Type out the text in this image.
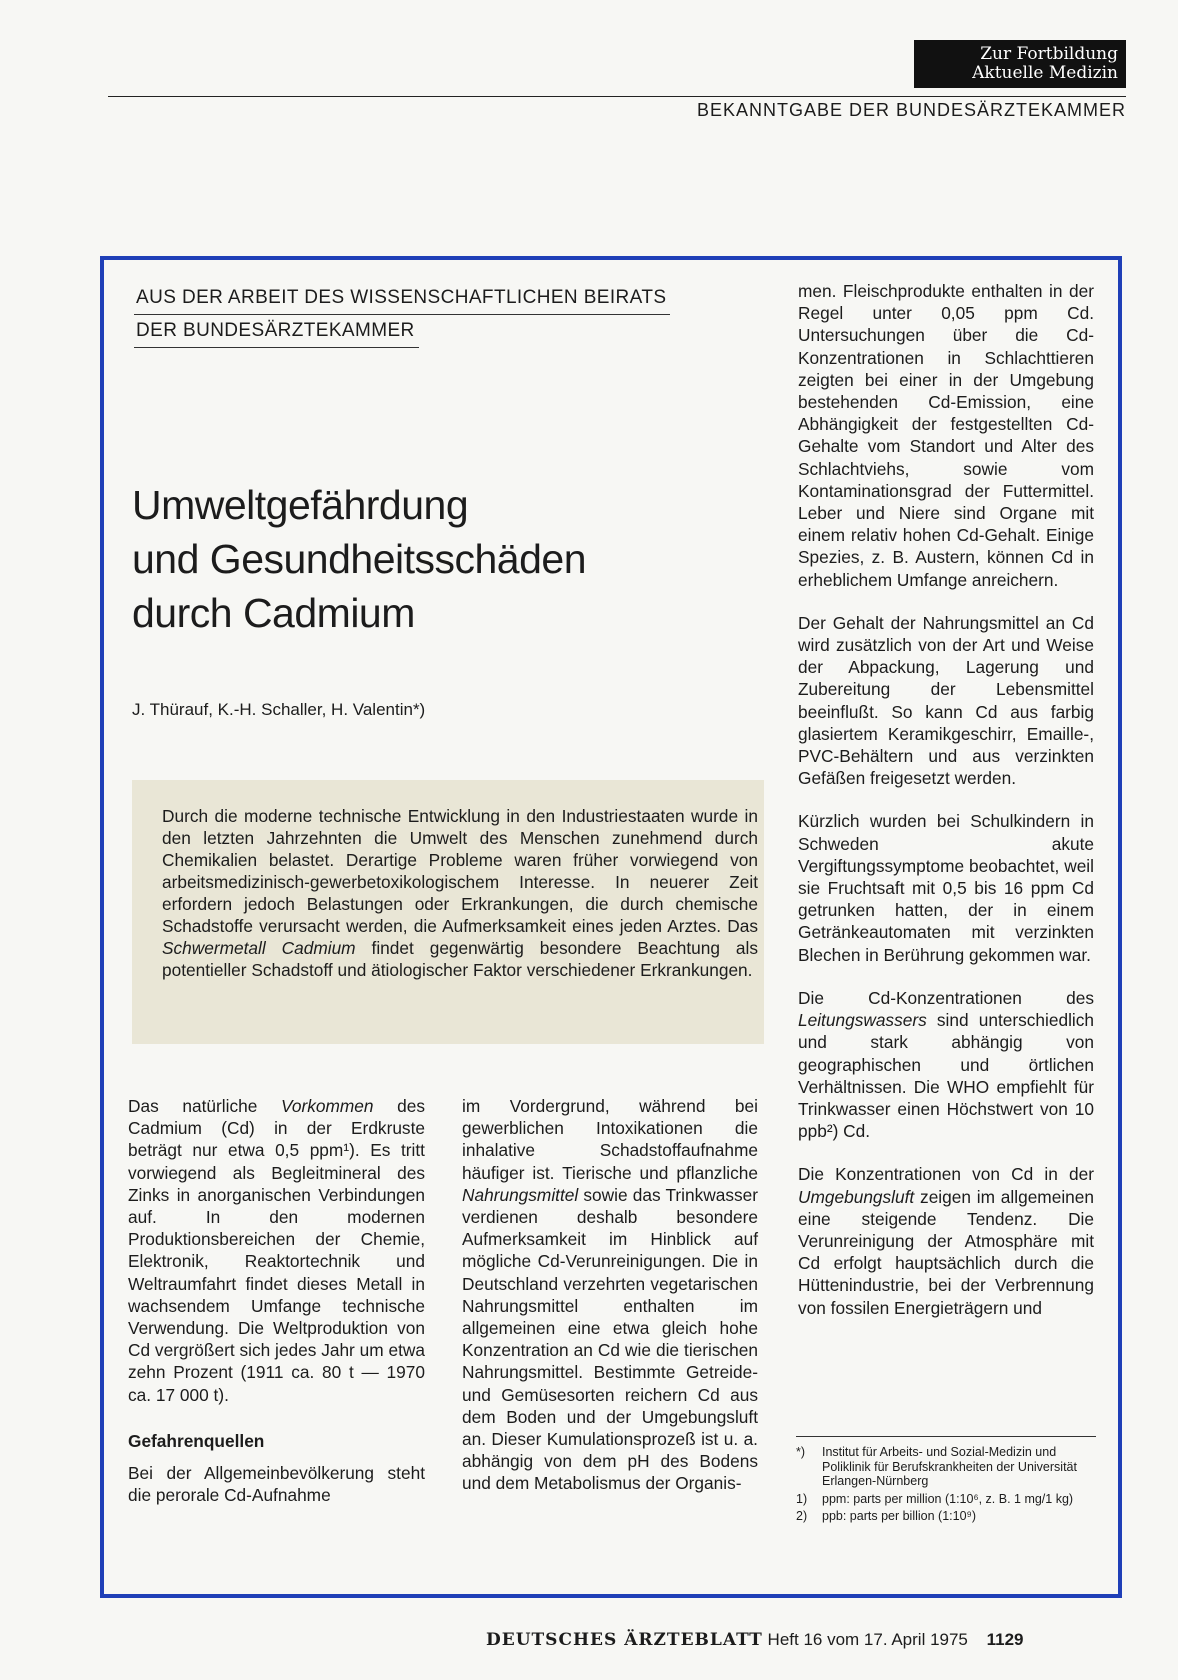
Zur Fortbildung
Aktuelle Medizin
BEKANNTGABE DER BUNDESÄRZTEKAMMER
AUS DER ARBEIT DES WISSENSCHAFTLICHEN BEIRATS
DER BUNDESÄRZTEKAMMER
Umweltgefährdung
und Gesundheitsschäden
durch Cadmium
J. Thürauf, K.-H. Schaller, H. Valentin*)
Durch die moderne technische Entwicklung in den Industriestaaten wurde in den letzten Jahrzehnten die Umwelt des Menschen zunehmend durch Chemikalien belastet. Derartige Probleme waren früher vorwiegend von arbeitsmedizinisch-gewerbetoxikologischem Interesse. In neuerer Zeit erfordern jedoch Belastungen oder Erkrankungen, die durch chemische Schadstoffe verursacht werden, die Aufmerksamkeit eines jeden Arztes. Das Schwermetall Cadmium findet gegenwärtig besondere Beachtung als potentieller Schadstoff und ätiologischer Faktor verschiedener Erkrankungen.

Das natürliche Vorkommen des Cadmium (Cd) in der Erdkruste beträgt nur etwa 0,5 ppm¹). Es tritt vorwiegend als Begleitmineral des Zinks in anorganischen Verbindungen auf. In den modernen Produktionsbereichen der Chemie, Elektronik, Reaktortechnik und Weltraumfahrt findet dieses Metall in wachsendem Umfange technische Verwendung. Die Weltproduktion von Cd vergrößert sich jedes Jahr um etwa zehn Prozent (1911 ca. 80 t — 1970 ca. 17 000 t).

Gefahrenquellen

Bei der Allgemeinbevölkerung steht die perorale Cd-Aufnahme

im Vordergrund, während bei gewerblichen Intoxikationen die inhalative Schadstoffaufnahme häufiger ist. Tierische und pflanzliche Nahrungsmittel sowie das Trinkwasser verdienen deshalb besondere Aufmerksamkeit im Hinblick auf mögliche Cd-Verunreinigungen. Die in Deutschland verzehrten vegetarischen Nahrungsmittel enthalten im allgemeinen eine etwa gleich hohe Konzentration an Cd wie die tierischen Nahrungsmittel. Bestimmte Getreide- und Gemüsesorten reichern Cd aus dem Boden und der Umgebungsluft an. Dieser Kumulationsprozeß ist u. a. abhängig von dem pH des Bodens und dem Metabolismus der Organis-

men. Fleischprodukte enthalten in der Regel unter 0,05 ppm Cd. Untersuchungen über die Cd-Konzentrationen in Schlachttieren zeigten bei einer in der Umgebung bestehenden Cd-Emission, eine Abhängigkeit der festgestellten Cd-Gehalte vom Standort und Alter des Schlachtviehs, sowie vom Kontaminationsgrad der Futtermittel. Leber und Niere sind Organe mit einem relativ hohen Cd-Gehalt. Einige Spezies, z. B. Austern, können Cd in erheblichem Umfange anreichern.

Der Gehalt der Nahrungsmittel an Cd wird zusätzlich von der Art und Weise der Abpackung, Lagerung und Zubereitung der Lebensmittel beeinflußt. So kann Cd aus farbig glasiertem Keramikgeschirr, Emaille-, PVC-Behältern und aus verzinkten Gefäßen freigesetzt werden.

Kürzlich wurden bei Schulkindern in Schweden akute Vergiftungssymptome beobachtet, weil sie Fruchtsaft mit 0,5 bis 16 ppm Cd getrunken hatten, der in einem Getränkeautomaten mit verzinkten Blechen in Berührung gekommen war.

Die Cd-Konzentrationen des Leitungswassers sind unterschiedlich und stark abhängig von geographischen und örtlichen Verhältnissen. Die WHO empfiehlt für Trinkwasser einen Höchstwert von 10 ppb²) Cd.

Die Konzentrationen von Cd in der Umgebungsluft zeigen im allgemeinen eine steigende Tendenz. Die Verunreinigung der Atmosphäre mit Cd erfolgt hauptsächlich durch die Hüttenindustrie, bei der Verbrennung von fossilen Energieträgern und

*) Institut für Arbeits- und Sozial-Medizin und Poliklinik für Berufskrankheiten der Universität Erlangen-Nürnberg
1) ppm: parts per million (1:10⁶, z. B. 1 mg/1 kg)
2) ppb: parts per billion (1:10⁹)
DEUTSCHES ÄRZTEBLATT Heft 16 vom 17. April 1975 1129
